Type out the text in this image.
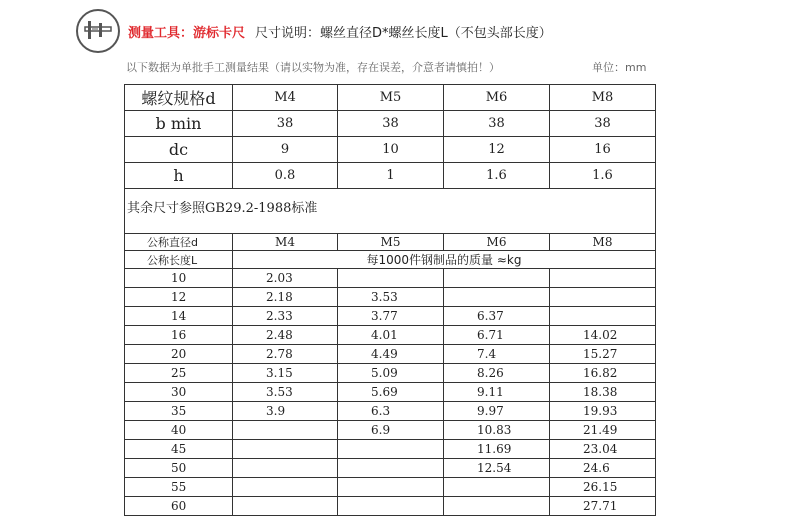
测量工具：游标卡尺 尺寸说明：螺丝直径D*螺丝长度L（不包头部长度）
以下数据为单批手工测量结果（请以实物为准，存在误差，介意者请慎拍！）	单位：mm
螺纹规格d	M4	M5	M6	M8
b min	38	38	38	38
dc	9	10	12	16
h	0.8	1	1.6	1.6
其余尺寸参照GB29.2-1988标准				
公称直径d	M4	M5	M6	M8
公称长度L	每1000件钢制品的质量 ≈kg			
10	2.03			
12	2.18	3.53		
14	2.33	3.77	6.37	
16	2.48	4.01	6.71	14.02
20	2.78	4.49	7.4	15.27
25	3.15	5.09	8.26	16.82
30	3.53	5.69	9.11	18.38
35	3.9	6.3	9.97	19.93
40		6.9	10.83	21.49
45			11.69	23.04
50			12.54	24.6
55				26.15
60				27.71
